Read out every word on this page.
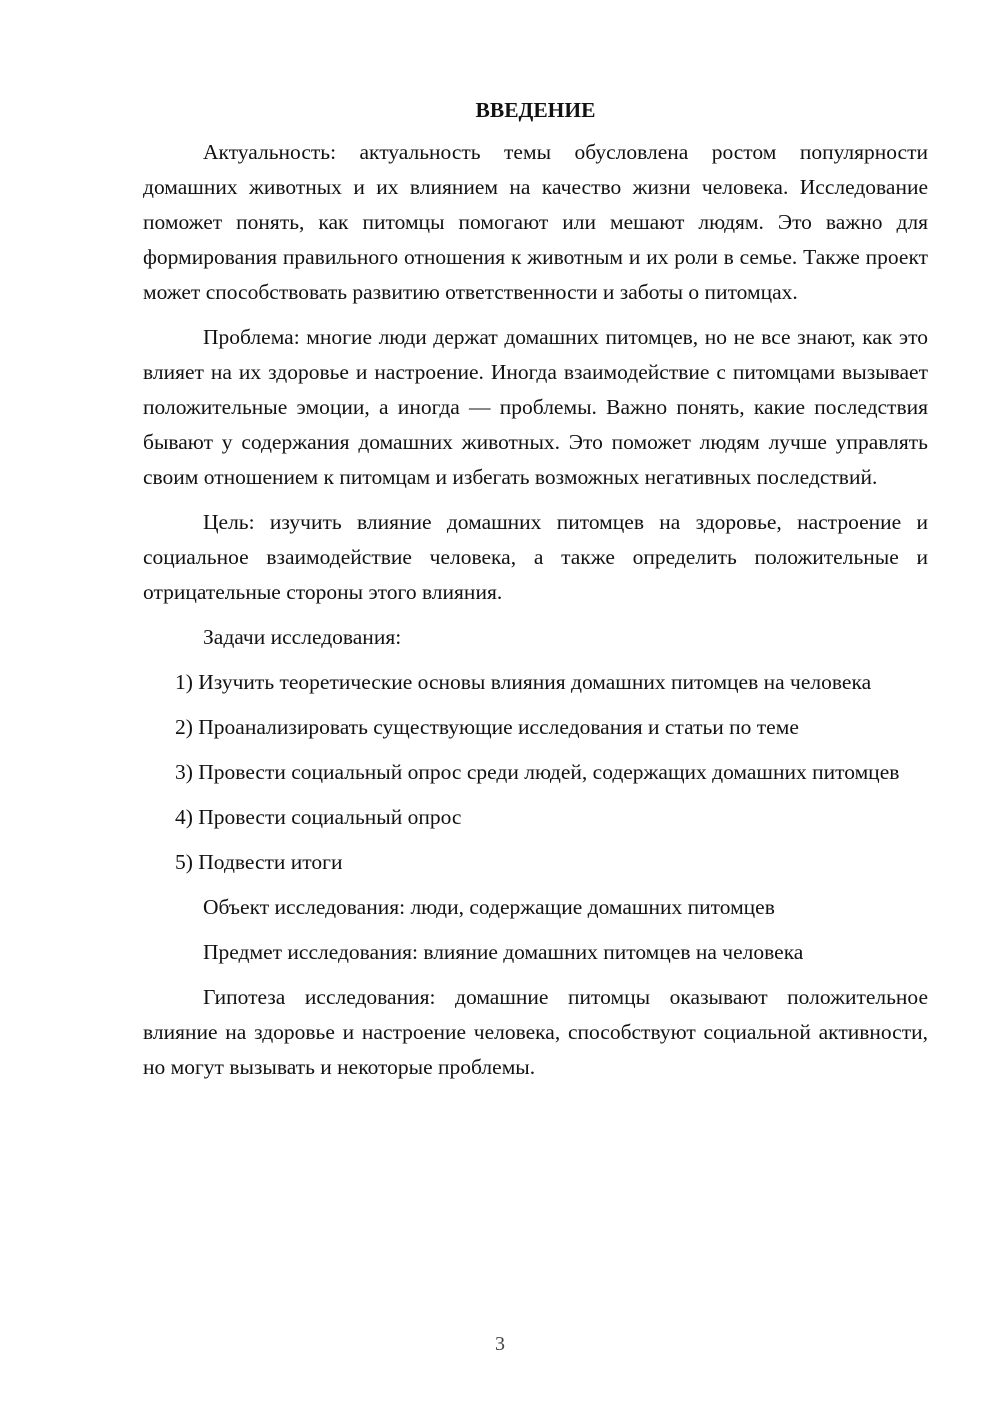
ВВЕДЕНИЕ

Актуальность: актуальность темы обусловлена ростом популярности домашних животных и их влиянием на качество жизни человека. Исследование поможет понять, как питомцы помогают или мешают людям. Это важно для формирования правильного отношения к животным и их роли в семье. Также проект может способствовать развитию ответственности и заботы о питомцах.

Проблема: многие люди держат домашних питомцев, но не все знают, как это влияет на их здоровье и настроение. Иногда взаимодействие с питомцами вызывает положительные эмоции, а иногда — проблемы. Важно понять, какие последствия бывают у содержания домашних животных. Это поможет людям лучше управлять своим отношением к питомцам и избегать возможных негативных последствий.

Цель: изучить влияние домашних питомцев на здоровье, настроение и социальное взаимодействие человека, а также определить положительные и отрицательные стороны этого влияния.

Задачи исследования:

1) Изучить теоретические основы влияния домашних питомцев на человека

2) Проанализировать существующие исследования и статьи по теме

3) Провести социальный опрос среди людей, содержащих домашних питомцев

4) Провести социальный опрос

5) Подвести итоги

Объект исследования: люди, содержащие домашних питомцев

Предмет исследования: влияние домашних питомцев на человека

Гипотеза исследования: домашние питомцы оказывают положительное влияние на здоровье и настроение человека, способствуют социальной активности, но могут вызывать и некоторые проблемы.

3
